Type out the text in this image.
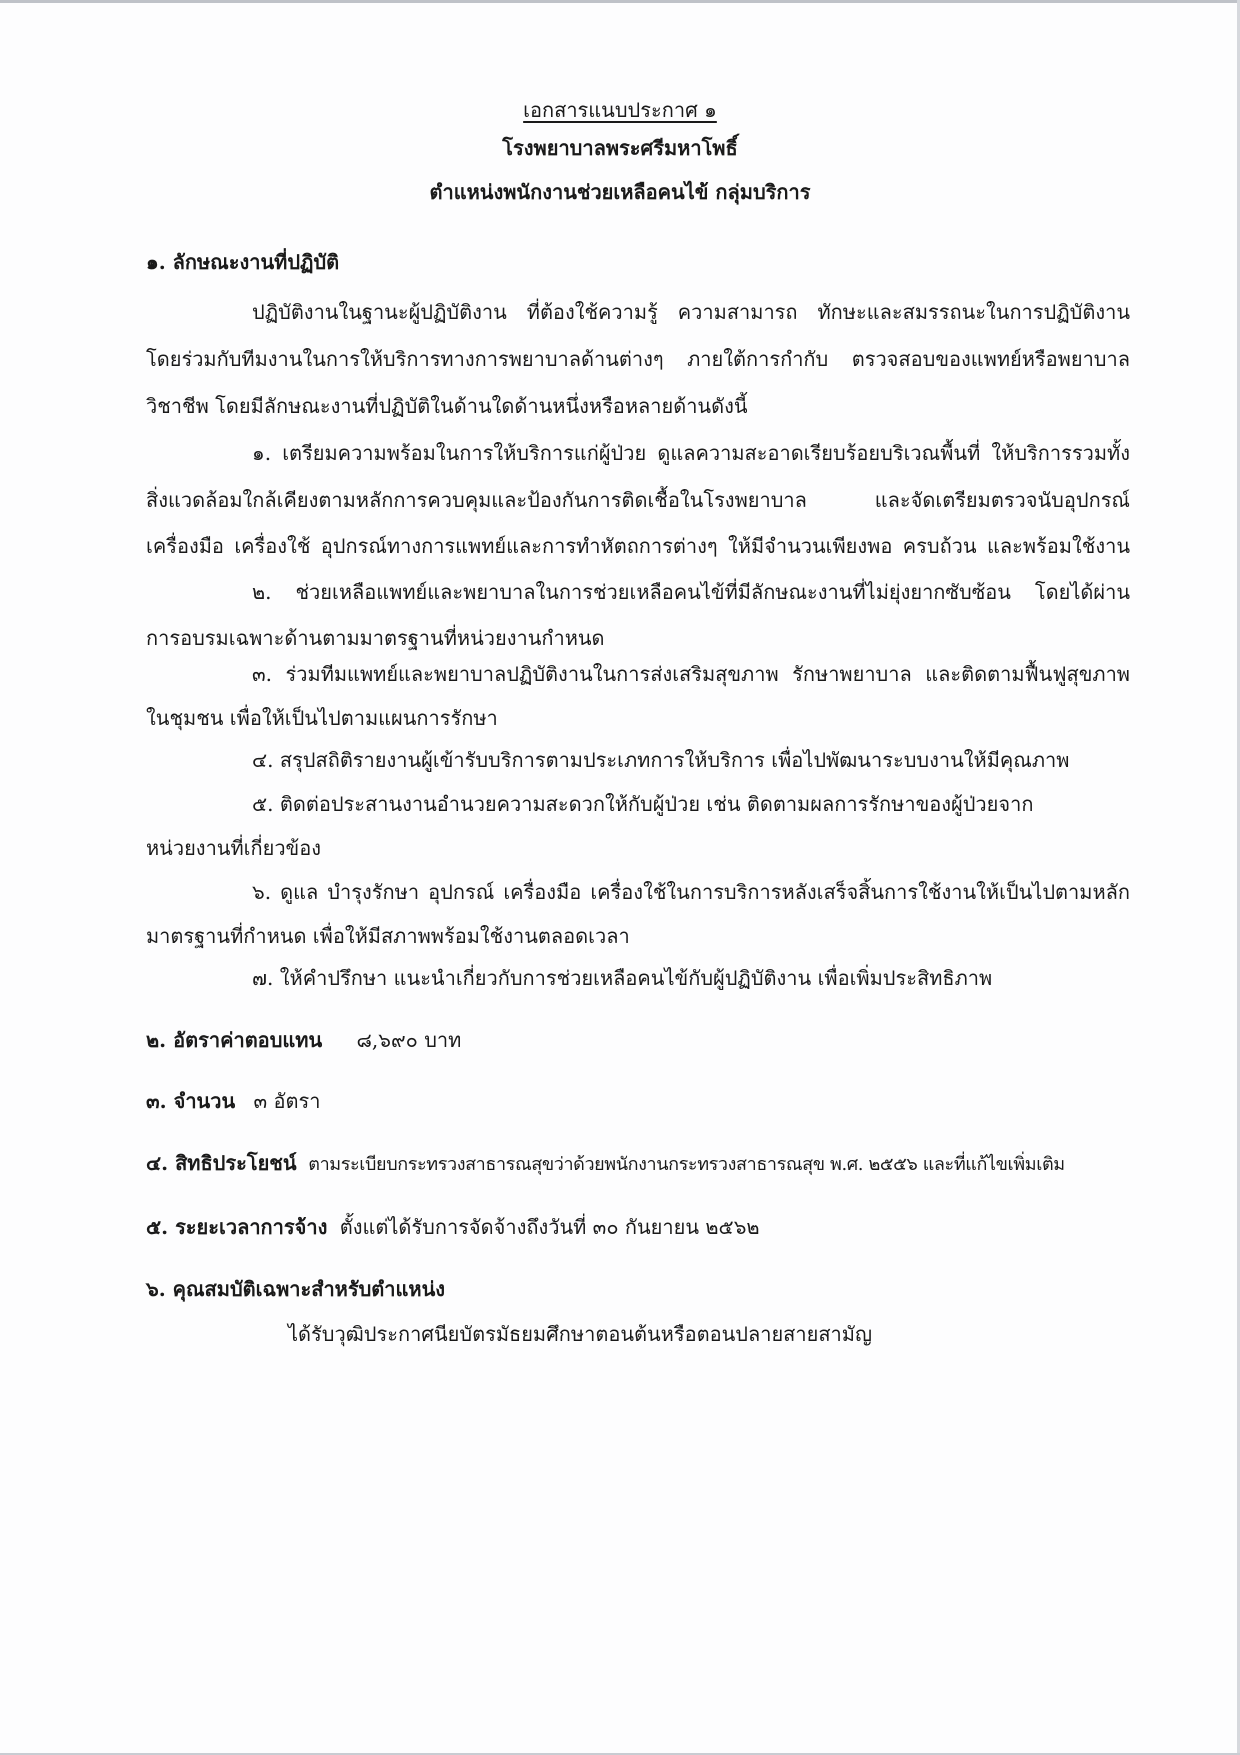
เอกสารแนบประกาศ ๑
โรงพยาบาลพระศรีมหาโพธิ์
ตำแหน่งพนักงานช่วยเหลือคนไข้ กลุ่มบริการ
๑. ลักษณะงานที่ปฏิบัติ
ปฏิบัติงานในฐานะผู้ปฏิบัติงาน ที่ต้องใช้ความรู้ ความสามารถ ทักษะและสมรรถนะในการปฏิบัติงาน
โดยร่วมกับทีมงานในการให้บริการทางการพยาบาลด้านต่างๆ ภายใต้การกำกับ ตรวจสอบของแพทย์หรือพยาบาล
วิชาชีพ โดยมีลักษณะงานที่ปฏิบัติในด้านใดด้านหนึ่งหรือหลายด้านดังนี้
๑. เตรียมความพร้อมในการให้บริการแก่ผู้ป่วย ดูแลความสะอาดเรียบร้อยบริเวณพื้นที่ ให้บริการรวมทั้ง
สิ่งแวดล้อมใกล้เคียงตามหลักการควบคุมและป้องกันการติดเชื้อในโรงพยาบาล และจัดเตรียมตรวจนับอุปกรณ์
เครื่องมือ เครื่องใช้ อุปกรณ์ทางการแพทย์และการทำหัตถการต่างๆ ให้มีจำนวนเพียงพอ ครบถ้วน และพร้อมใช้งาน
๒. ช่วยเหลือแพทย์และพยาบาลในการช่วยเหลือคนไข้ที่มีลักษณะงานที่ไม่ยุ่งยากซับซ้อน โดยได้ผ่าน
การอบรมเฉพาะด้านตามมาตรฐานที่หน่วยงานกำหนด
๓. ร่วมทีมแพทย์และพยาบาลปฏิบัติงานในการส่งเสริมสุขภาพ รักษาพยาบาล และติดตามฟื้นฟูสุขภาพ
ในชุมชน เพื่อให้เป็นไปตามแผนการรักษา
๔. สรุปสถิติรายงานผู้เข้ารับบริการตามประเภทการให้บริการ เพื่อไปพัฒนาระบบงานให้มีคุณภาพ
๕. ติดต่อประสานงานอำนวยความสะดวกให้กับผู้ป่วย เช่น ติดตามผลการรักษาของผู้ป่วยจาก
หน่วยงานที่เกี่ยวข้อง
๖. ดูแล บำรุงรักษา อุปกรณ์ เครื่องมือ เครื่องใช้ในการบริการหลังเสร็จสิ้นการใช้งานให้เป็นไปตามหลัก
มาตรฐานที่กำหนด เพื่อให้มีสภาพพร้อมใช้งานตลอดเวลา
๗. ให้คำปรึกษา แนะนำเกี่ยวกับการช่วยเหลือคนไข้กับผู้ปฏิบัติงาน เพื่อเพิ่มประสิทธิภาพ
๒. อัตราค่าตอบแทน ๘,๖๙๐ บาท
๓. จำนวน ๓ อัตรา
๔. สิทธิประโยชน์ ตามระเบียบกระทรวงสาธารณสุขว่าด้วยพนักงานกระทรวงสาธารณสุข พ.ศ. ๒๕๕๖ และที่แก้ไขเพิ่มเติม
๕. ระยะเวลาการจ้าง ตั้งแต่ได้รับการจัดจ้างถึงวันที่ ๓๐ กันยายน ๒๕๖๒
๖. คุณสมบัติเฉพาะสำหรับตำแหน่ง
ได้รับวุฒิประกาศนียบัตรมัธยมศึกษาตอนต้นหรือตอนปลายสายสามัญ
